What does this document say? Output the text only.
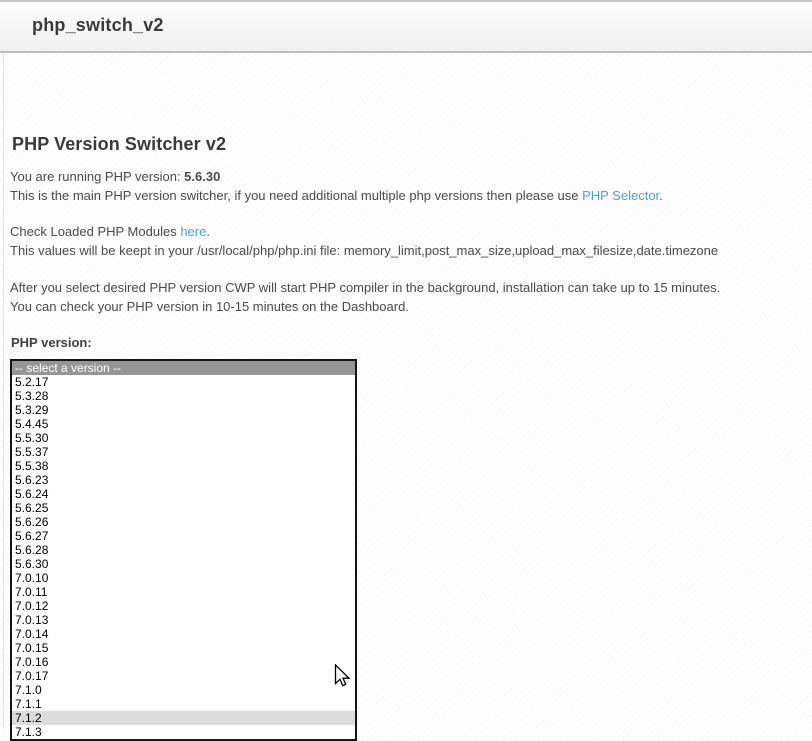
php_switch_v2
PHP Version Switcher v2
You are running PHP version: 5.6.30
This is the main PHP version switcher, if you need additional multiple php versions then please use PHP Selector.
Check Loaded PHP Modules here.
This values will be keept in your /usr/local/php/php.ini file: memory_limit,post_max_size,upload_max_filesize,date.timezone
After you select desired PHP version CWP will start PHP compiler in the background, installation can take up to 15 minutes.
You can check your PHP version in 10-15 minutes on the Dashboard.
PHP version:
-- select a version --
5.2.17
5.3.28
5.3.29
5.4.45
5.5.30
5.5.37
5.5.38
5.6.23
5.6.24
5.6.25
5.6.26
5.6.27
5.6.28
5.6.30
7.0.10
7.0.11
7.0.12
7.0.13
7.0.14
7.0.15
7.0.16
7.0.17
7.1.0
7.1.1
7.1.2
7.1.3
